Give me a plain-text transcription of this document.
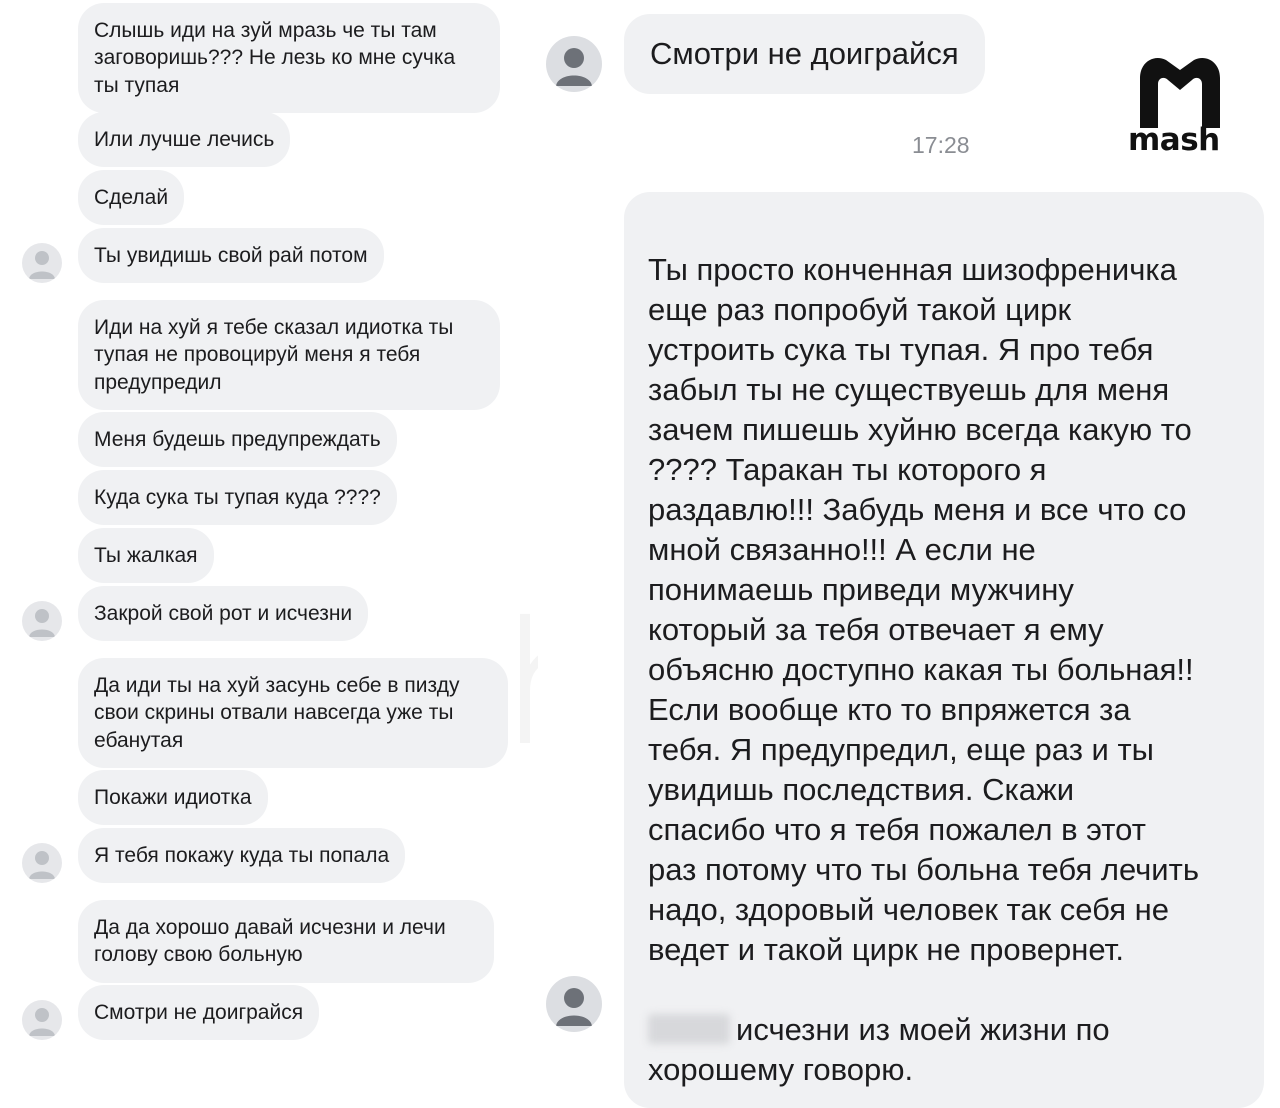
Слышь иди на зуй мразь че ты там
заговоришь??? Не лезь ко мне сучка
ты тупая
Или лучше лечись
Сделай
Ты увидишь свой рай потом
Иди на хуй я тебе сказал идиотка ты
тупая не провоцируй меня я тебя
предупредил
Меня будешь предупреждать
Куда сука ты тупая куда ????
Ты жалкая
Закрой свой рот и исчезни
Да иди ты на хуй засунь себе в пизду
свои скрины отвали навсегда уже ты
ебанутая
Покажи идиотка
Я тебя покажу куда ты попала
Да да хорошо давай исчезни и лечи
голову свою больную
Смотри не доиграйся
Смотри не доиграйся
17:28	mash

Ты просто конченная шизофреничка
еще раз попробуй такой цирк
устроить сука ты тупая. Я про тебя
забыл ты не существуешь для меня
зачем пишешь хуйню всегда какую то
???? Таракан ты которого я
раздавлю!!! Забудь меня и все что со
мной связанно!!! А если не
понимаешь приведи мужчину
который за тебя отвечает я ему
объясню доступно какая ты больная!!
Если вообще кто то впряжется за
тебя. Я предупредил, еще раз и ты
увидишь последствия. Скажи
спасибо что я тебя пожалел в этот
раз потому что ты больна тебя лечить
надо, здоровый человек так себя не
ведет и такой цирк не провернет.

исчезни из моей жизни по
хорошему говорю.
